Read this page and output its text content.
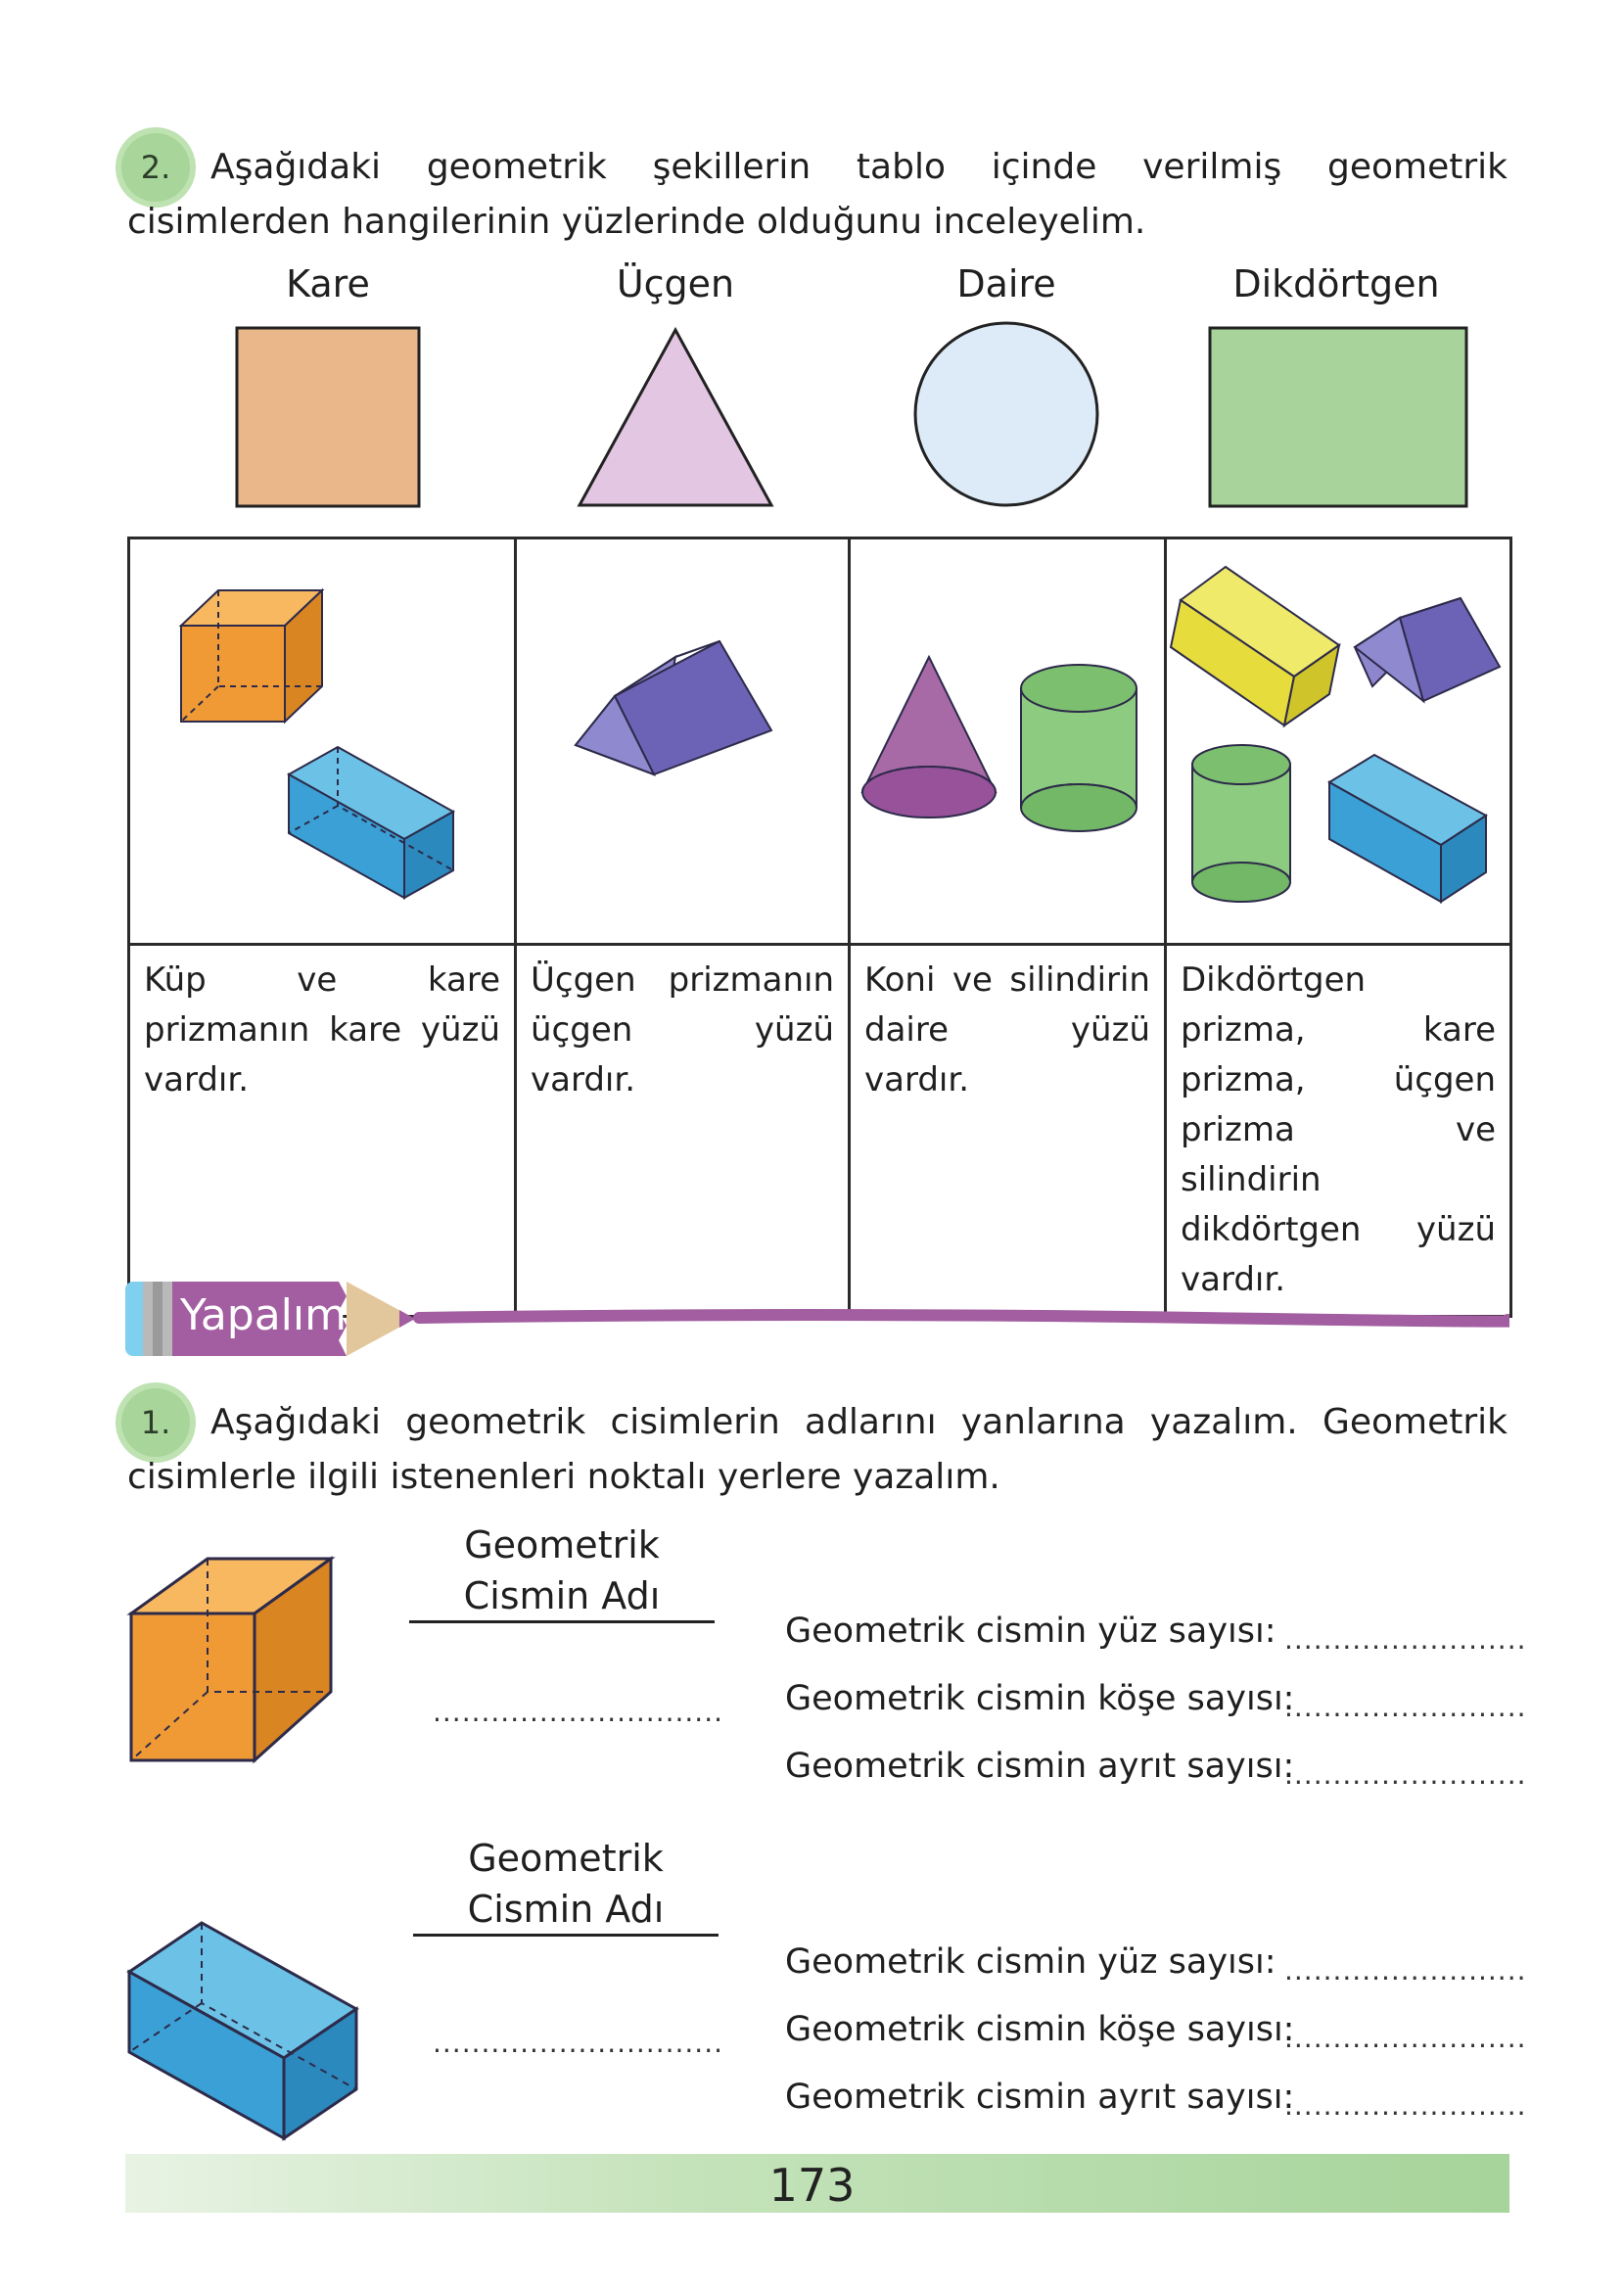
2.	Aşağıdaki geometrik şekillerin tablo içinde verilmiş geometrik cisimlerden hangilerinin yüzlerinde olduğunu inceleyelim.
Kare	Üçgen	Daire	Dikdörtgen

Küp ve kare prizmanın kare yüzü vardır.	Üçgen prizmanın üçgen yüzü vardır.	Koni ve silindirin daire yüzü vardır.	Dikdörtgen prizma, kare prizma, üçgen prizma ve silindirin dikdörtgen yüzü vardır.
Yapalım
1.	Aşağıdaki geometrik cisimlerin adlarını yanlarına yazalım. Geometrik cisimlerle ilgili istenenleri noktalı yerlere yazalım.
Geometrik Cismin Adı
..............................
Geometrik cismin yüz sayısı: .........................
Geometrik cismin köşe sayısı:
.........................
Geometrik cismin ayrıt sayısı:
.........................
Geometrik Cismin Adı
..............................
Geometrik cismin yüz sayısı: .........................
Geometrik cismin köşe sayısı:
.........................
Geometrik cismin ayrıt sayısı:
.........................
173
